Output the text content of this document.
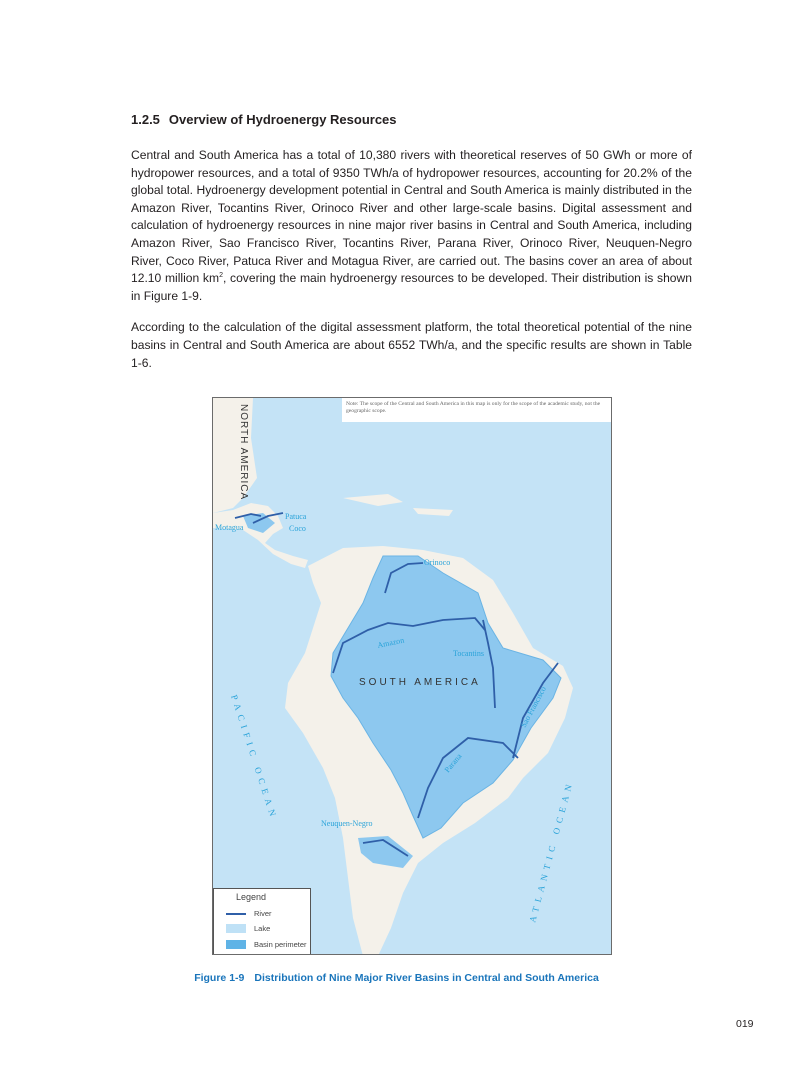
1.2.5 Overview of Hydroenergy Resources

Central and South America has a total of 10,380 rivers with theoretical reserves of 50 GWh or more of hydropower resources, and a total of 9350 TWh/a of hydropower resources, accounting for 20.2% of the global total. Hydroenergy development potential in Central and South America is mainly distributed in the Amazon River, Tocantins River, Orinoco River and other large-scale basins. Digital assessment and calculation of hydroenergy resources in nine major river basins in Central and South America, including Amazon River, Sao Francisco River, Tocantins River, Parana River, Orinoco River, Neuquen-Negro River, Coco River, Patuca River and Motagua River, are carried out. The basins cover an area of about 12.10 million $km^2$, covering the main hydroenergy resources to be developed. Their distribution is shown in Figure 1-9.

According to the calculation of the digital assessment platform, the total theoretical potential of the nine basins in Central and South America are about 6552 TWh/a, and the specific results are shown in Table 1-6.

Motagua
Patuca
Coco
Orinoco
Amazon
Tocantins
Sao Francisco
Parana
Neuquen-Negro
SOUTH AMERICA
NORTH AMERICA
PACIFIC OCEAN
ATLANTIC OCEAN
Note: The scope of the Central and South America in this map is only for the scope of the academic study, not the geographic scope.
Legend
River
Lake
Basin perimeter
Figure 1-9 Distribution of Nine Major River Basins in Central and South America
019
